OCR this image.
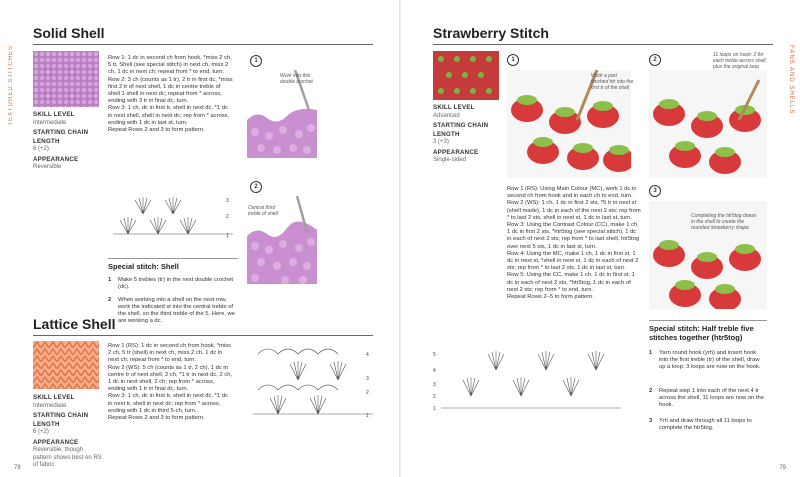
TEXTURED STITCHES
Solid Shell
SKILL LEVEL
Intermediate
STARTING CHAIN LENGTH
6 (+2)
APPEARANCE
Reversible
Row 1: 1 dc in second ch from hook, *miss 2 ch, 5 tr, Shell (see special stitch) in next ch, miss 2 ch, 1 dc in next ch; repeat from * to end, turn.
Row 2: 3 ch (counts as 1 tr), 2 tr in first dc, *miss first 2 tr of next shell, 1 dc in centre treble of shell 1 shell in next dc; repeat from * across, ending with 3 tr in final dc, turn.
Row 3: 1 ch, dc in first tr, shell in next dc, *1 dc in next shell, shell in next dc; rep from * across, ending with 1 dc in last st, turn.
Repeat Rows 2 and 3 to form pattern.
3
2
1
1
Work into this double crochet
2
Central third treble of shell
Special stitch: Shell
1 Make 5 trebles (tr) in the next double crochet (dc).
2 When working into a shell on the next row, work the indicated st into the central treble of the shell, so the third treble of the 5. Here, we are working a dc.
Lattice Shell
SKILL LEVEL
Intermediate
STARTING CHAIN LENGTH
6 (+2)
APPEARANCE
Reversible, though pattern shows best on RS of fabric
Row 1 (RS): 1 dc in second ch from hook, *miss 2 ch, 5 tr (shell) in next ch, miss 2 ch, 1 dc in next ch; repeat from * to end, turn.
Row 2 (WS): 5 ch (counts as 1 tr, 2 ch), 1 dc in centre tr of next shell, 2 ch, *1 tr in next dc, 2 ch, 1 dc in next shell, 2 ch; rep from * across, ending with 1 tr in final dc, turn.
Row 3: 1 ch, dc in first tr, shell in next dc, *1 dc in next tr, shell in next dc; rep from * across, ending with 1 dc in third 5-ch, turn.
Repeat Rows 2 and 3 to form pattern.
4
3
2
1
78
FANS AND SHELLS
Strawberry Stitch
SKILL LEVEL
Advanced
STARTING CHAIN LENGTH
3 (+3)
APPEARANCE
Single-sided
1
Work a part finished htr into the first tr of the shell
2
11 loops on hook: 2 for each treble across shell, plus the original loop
3
Completing the htr5tog draws in the shell to create the rounded strawberry shape
Row 1 (RS): Using Main Colour (MC), work 1 dc in second ch from hook and in each ch to end, turn.
Row 2 (WS): 1 ch, 1 dc in first 2 sts, *5 tr in next st (shell made), 1 dc in each of the next 2 sts; rep from * to last 2 sts, shell in next st, 1 dc in last st, turn.
Row 3: Using the Contrast Colour (CC), make 1 ch, 1 dc in first 2 sts, *htr5tog (see special stitch), 1 dc in each of next 2 sts; rep from * to last shell, htr5tog over next 5 sts, 1 dc in last st, turn.
Row 4: Using the MC, make 1 ch, 1 dc in first st, 1 dc in next st, *shell in next st, 1 dc in each of next 2 sts; rep from * to last 2 sts, 1 dc in last st, turn.
Row 5: Using the CC, make 1 ch, 1 dc in first st, 1 dc in each of next 2 sts, *htr5tog, 1 dc in each of next 2 sts; rep from * to end, turn.
Repeat Rows 2–5 to form pattern.
5
4
3
2
1
Special stitch: Half treble five stitches together (htr5tog)
1 Yarn round hook (yrh) and insert hook into the first treble (tr) of the shell, draw up a loop: 3 loops are now on the hook.
2 Repeat step 1 into each of the next 4 tr across the shell, 11 loops are now on the hook.
3 Yrh and draw through all 11 loops to complete the htr5tog.
79
